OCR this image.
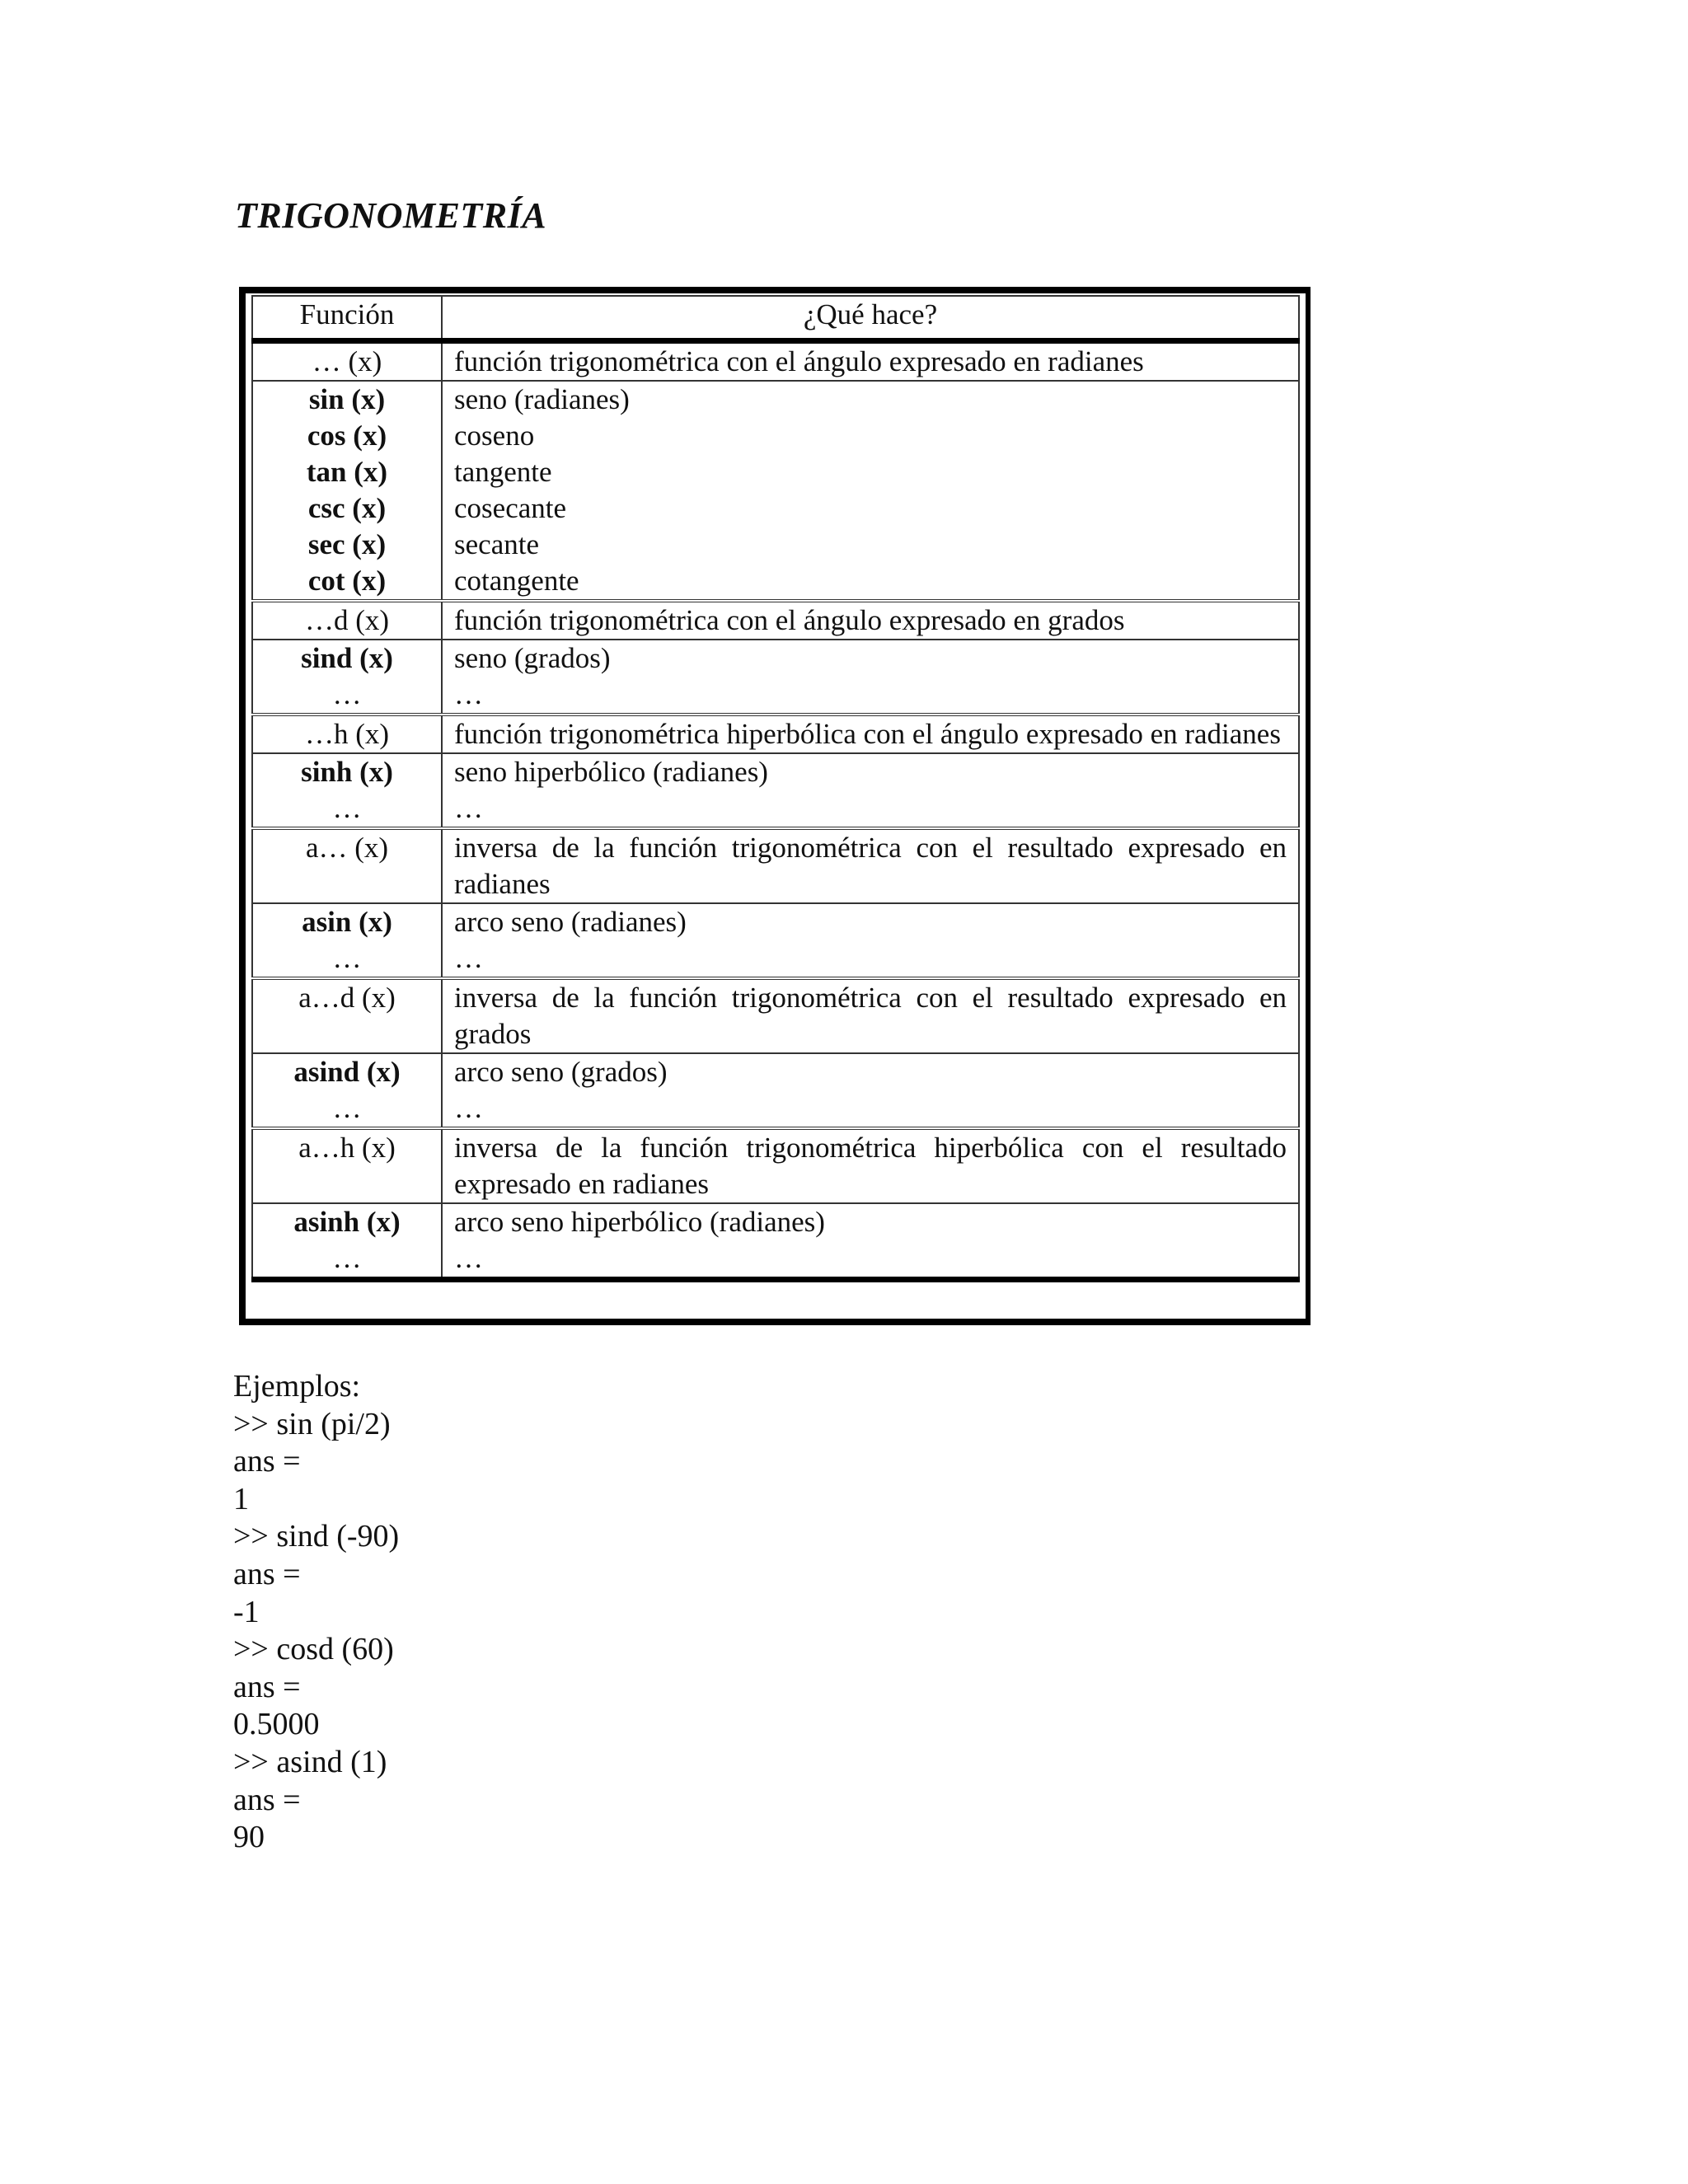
TRIGONOMETRÍA
Función	¿Qué hace?
… (x)	función trigonométrica con el ángulo expresado en radianes
sin (x)	seno (radianes)
cos (x)	coseno
tan (x)	tangente
csc (x)	cosecante
sec (x)	secante
cot (x)	cotangente
…d (x)	función trigonométrica con el ángulo expresado en grados
sind (x)	seno (grados)
…	…
…h (x)	función trigonométrica hiperbólica con el ángulo expresado en radianes
sinh (x)	seno hiperbólico (radianes)
…	…
a… (x)	inversa de la función trigonométrica con el resultado expresado en radianes
asin (x)	arco seno (radianes)
…	…
a…d (x)	inversa de la función trigonométrica con el resultado expresado en grados
asind (x)	arco seno (grados)
…	…
a…h (x)	inversa de la función trigonométrica hiperbólica con el resultado expresado en radianes
asinh (x)	arco seno hiperbólico (radianes)
…	…
Ejemplos:
>> sin (pi/2)
ans =
1
>> sind (-90)
ans =
-1
>> cosd (60)
ans =
0.5000
>> asind (1)
ans =
90
